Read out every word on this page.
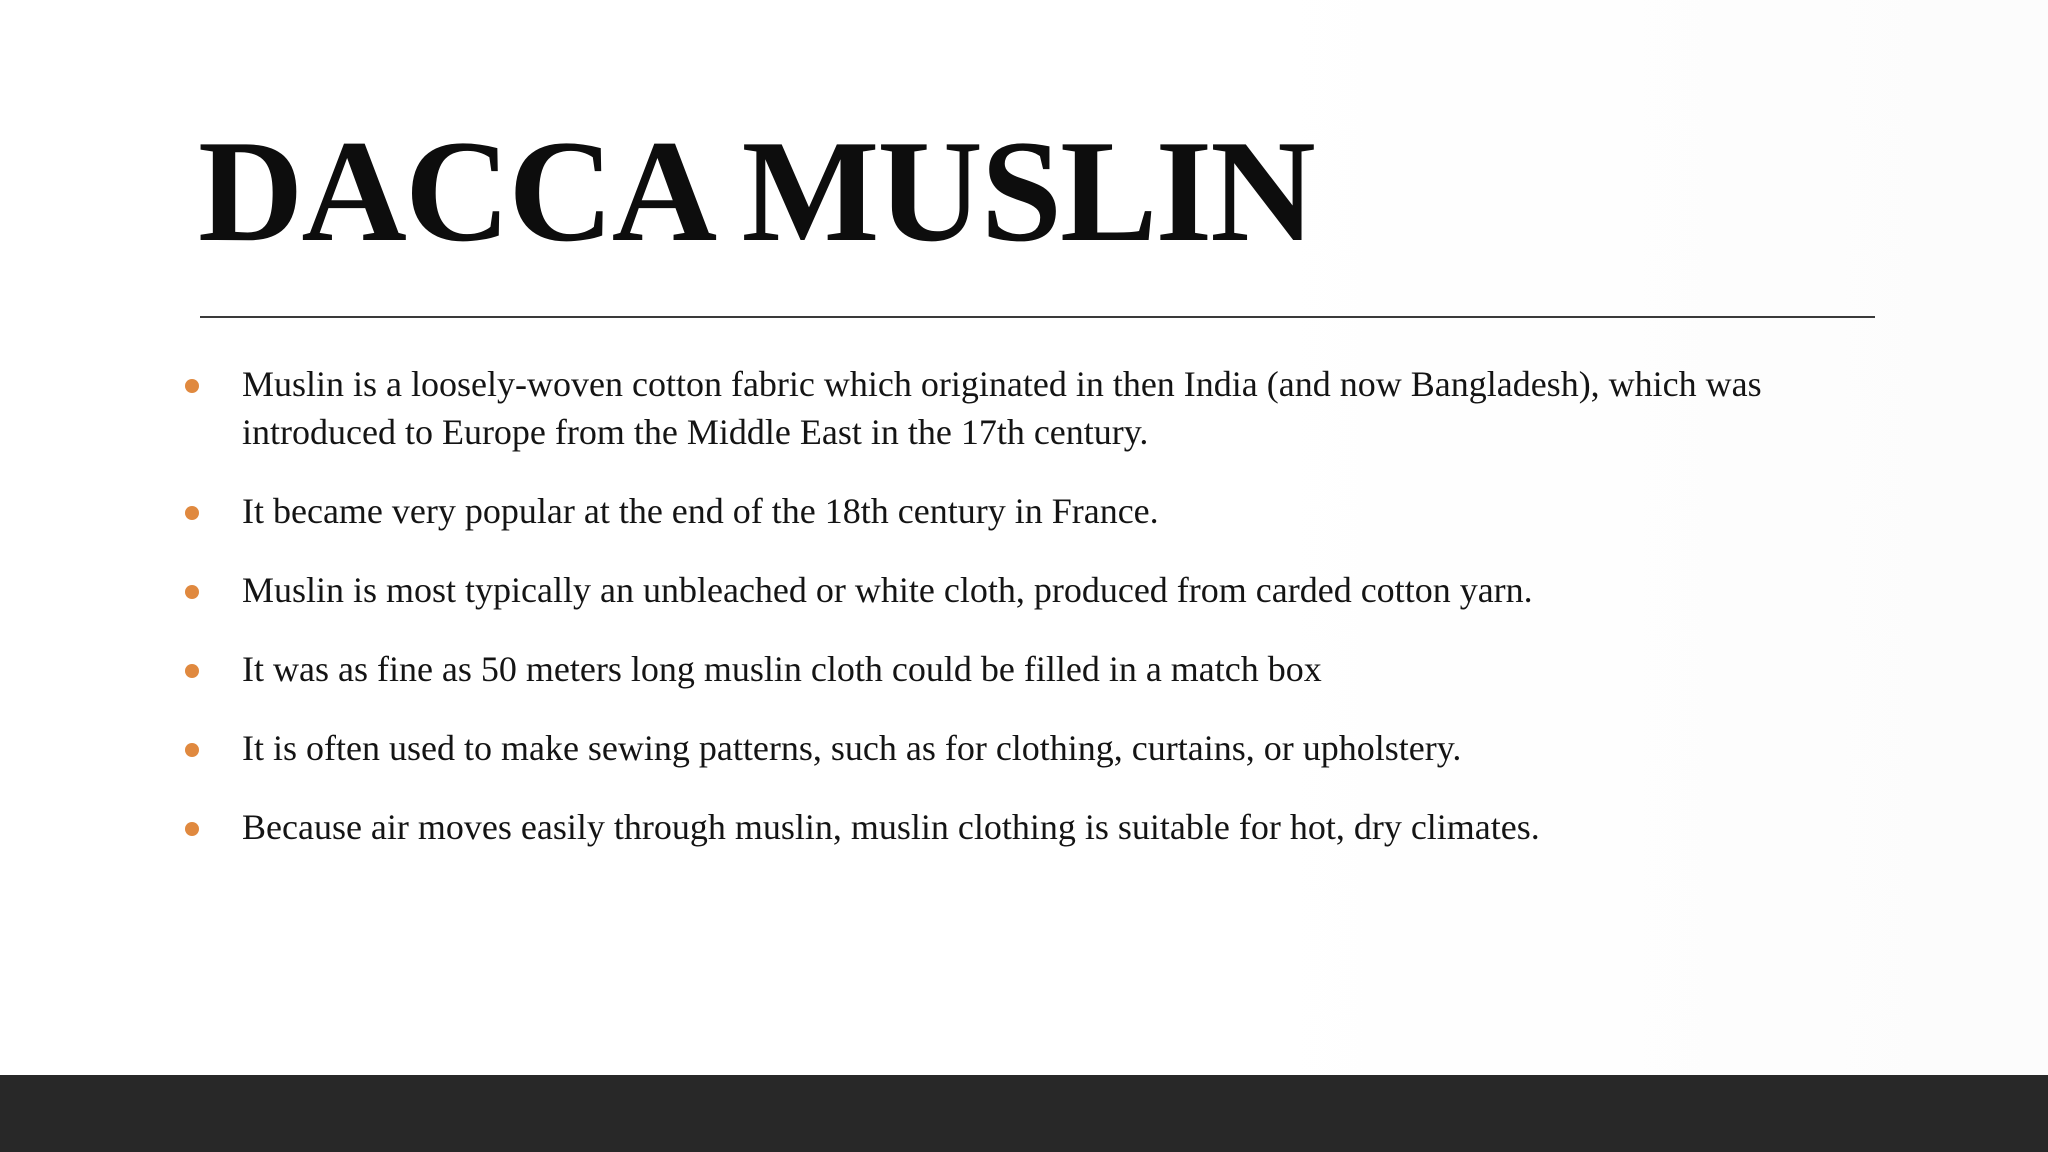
DACCA MUSLIN
Muslin is a loosely-woven cotton fabric which originated in then India (and now Bangladesh), which was introduced to Europe from the Middle East in the 17th century.
It became very popular at the end of the 18th century in France.
Muslin is most typically an unbleached or white cloth, produced from carded cotton yarn.
It was as fine as 50 meters long muslin cloth could be filled in a match box
It is often used to make sewing patterns, such as for clothing, curtains, or upholstery.
Because air moves easily through muslin, muslin clothing is suitable for hot, dry climates.
